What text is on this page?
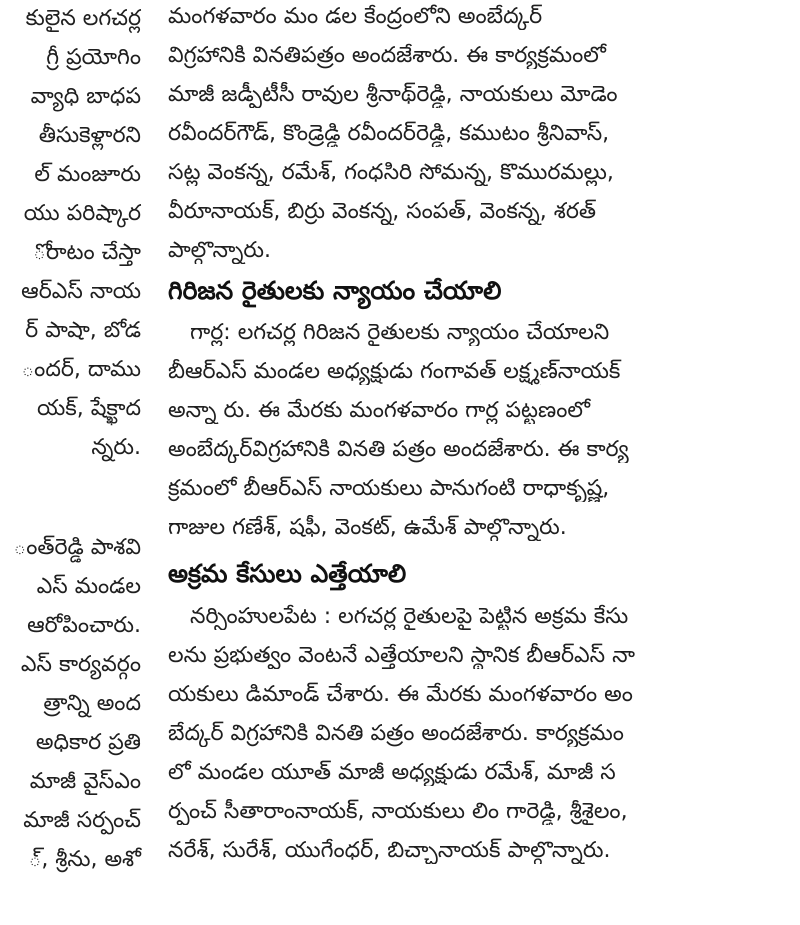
కులైన లగచర్ల
గ్రీ ప్రయోగిం
వ్యాధి బాధప
తీసుకెళ్లారని
ల్ మంజూరు
యు పరిష్కార
ోరాటం చేస్తా
ఆర్ఎస్ నాయ
ర్ పాషా, బోడ
ందర్, దాము
యక్, షేక్ఖాద
న్నరు.
ంత్‌రెడ్డి పాశవి
ఎస్ మండల
ఆరోపించారు.
ఎస్ కార్యవర్గం
త్రాన్ని అంద
అధికార ప్రతి
మాజీ వైస్ఎం
మాజీ సర్పంచ్
్, శ్రీను, అశో
మంగళవారం మం డల కేంద్రంలోని అంబేద్కర్
విగ్రహానికి వినతిపత్రం అందజేశారు. ఈ కార్యక్రమంలో
మాజీ జడ్పీటీసీ రావుల శ్రీనాథ్‌రెడ్డి, నాయకులు మోడెం
రవీందర్‌గౌడ్, కొండ్రెడ్డి రవీందర్‌రెడ్డి, కముటం శ్రీనివాస్,
సట్ల వెంకన్న, రమేశ్, గంధసిరి సోమన్న, కొమురమల్లు,
వీరూనాయక్, బిర్రు వెంకన్న, సంపత్, వెంకన్న, శరత్
పాల్గొన్నారు.
గిరిజన రైతులకు న్యాయం చేయాలి
గార్ల: లగచర్ల గిరిజన రైతులకు న్యాయం చేయాలని
బీఆర్ఎస్ మండల అధ్యక్షుడు గంగావత్ లక్ష్మణ్‌నాయక్
అన్నా రు. ఈ మేరకు మంగళవారం గార్ల పట్టణంలో
అంబేద్కర్‌విగ్రహానికి వినతి పత్రం అందజేశారు. ఈ కార్య
క్రమంలో బీఆర్ఎస్ నాయకులు పానుగంటి రాధాకృష్ణ,
గాజుల గణేశ్, షఫీ, వెంకట్, ఉమేశ్ పాల్గొన్నారు.
అక్రమ కేసులు ఎత్తేయాలి
నర్సింహులపేట : లగచర్ల రైతులపై పెట్టిన అక్రమ కేసు
లను ప్రభుత్వం వెంటనే ఎత్తేయాలని స్థానిక బీఆర్ఎస్ నా
యకులు డిమాండ్ చేశారు. ఈ మేరకు మంగళవారం అం
బేద్కర్ విగ్రహానికి వినతి పత్రం అందజేశారు. కార్యక్రమం
లో మండల యూత్ మాజీ అధ్యక్షుడు రమేశ్, మాజీ స
ర్పంచ్ సీతారాంనాయక్, నాయకులు లిం గారెడ్డి, శ్రీశైలం,
నరేశ్, సురేశ్, యుగేంధర్, బిచ్చానాయక్ పాల్గొన్నారు.
